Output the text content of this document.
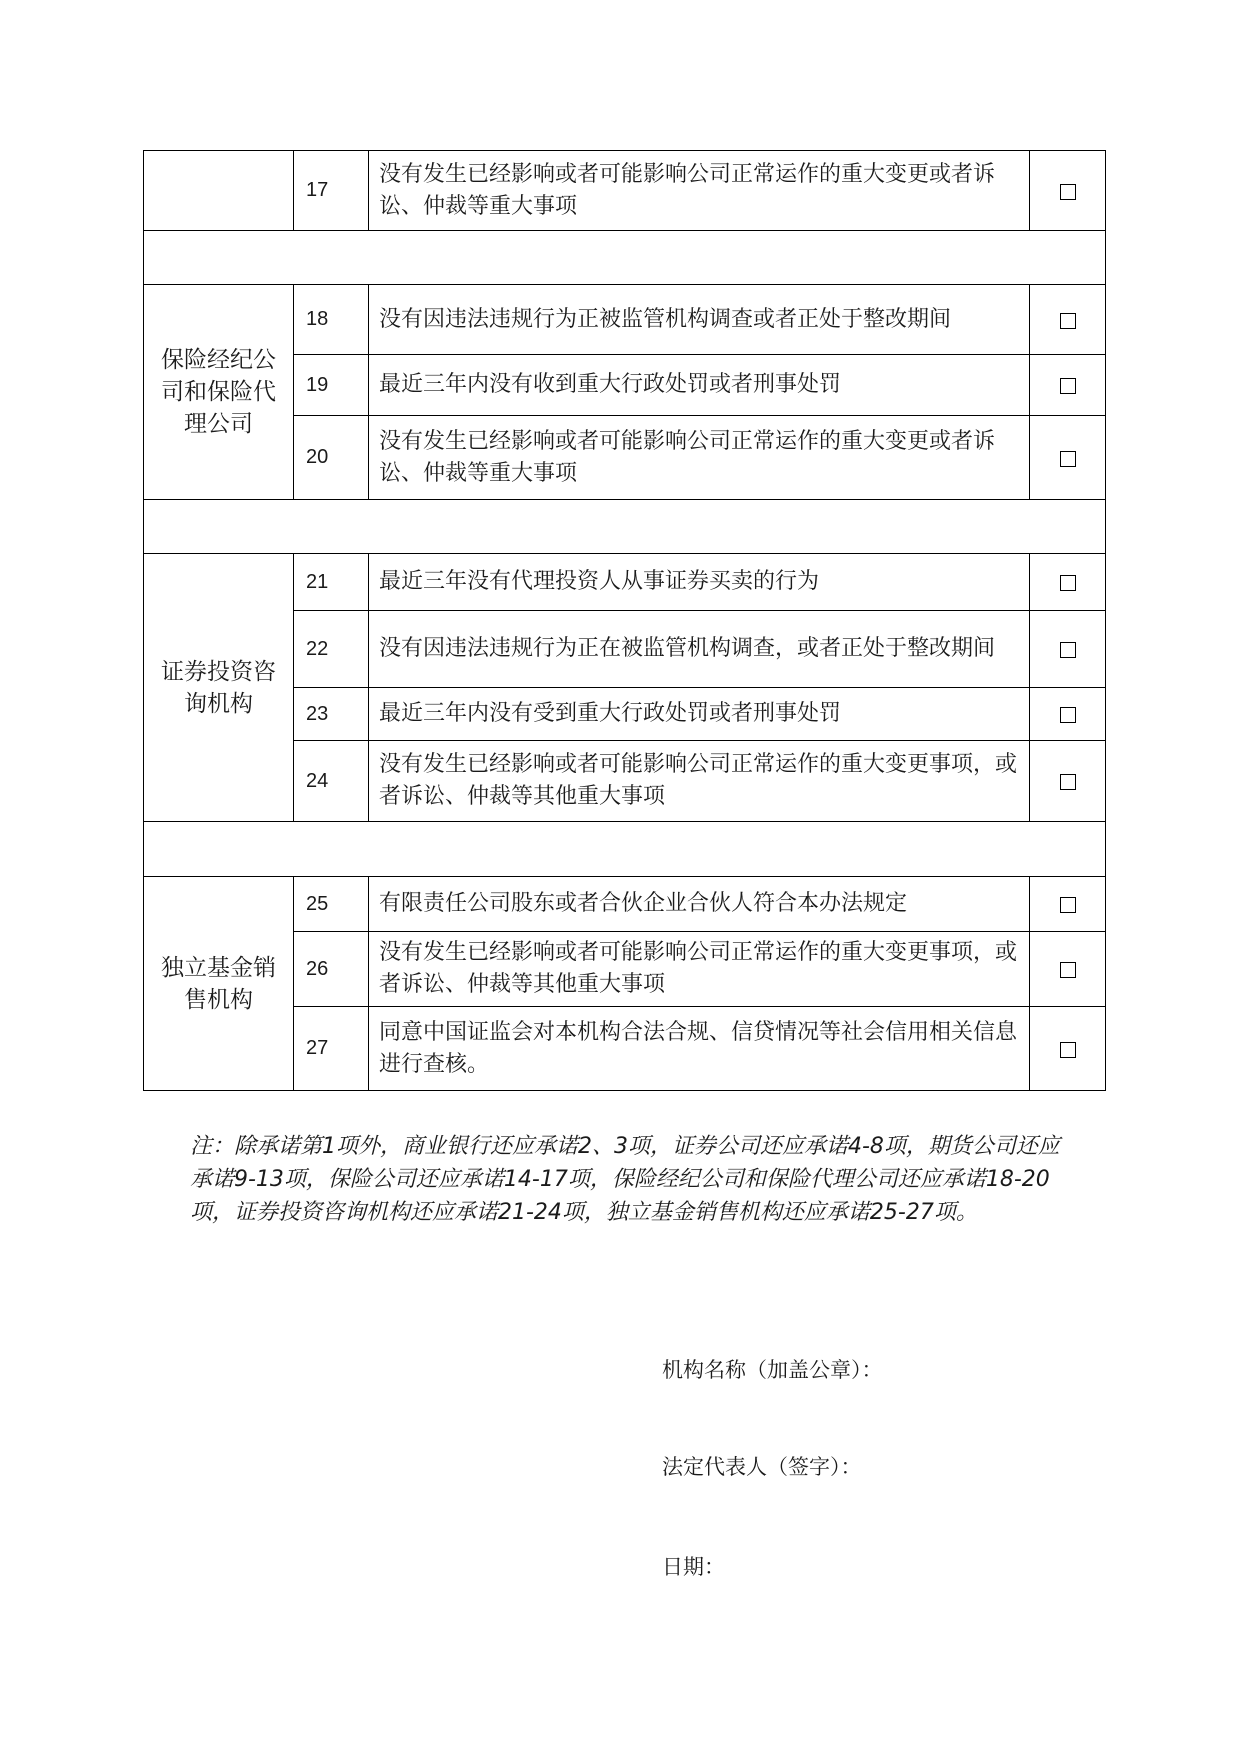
	17	没有发生已经影响或者可能影响公司正常运作的重大变更或者诉讼、仲裁等重大事项	

保险经纪公司和保险代理公司	18	没有因违法违规行为正被监管机构调查或者正处于整改期间	
	19	最近三年内没有收到重大行政处罚或者刑事处罚	
	20	没有发生已经影响或者可能影响公司正常运作的重大变更或者诉讼、仲裁等重大事项	

证券投资咨询机构	21	最近三年没有代理投资人从事证券买卖的行为	
	22	没有因违法违规行为正在被监管机构调查，或者正处于整改期间	
	23	最近三年内没有受到重大行政处罚或者刑事处罚	
	24	没有发生已经影响或者可能影响公司正常运作的重大变更事项，或者诉讼、仲裁等其他重大事项	

独立基金销售机构	25	有限责任公司股东或者合伙企业合伙人符合本办法规定	
	26	没有发生已经影响或者可能影响公司正常运作的重大变更事项，或者诉讼、仲裁等其他重大事项	
	27	同意中国证监会对本机构合法合规、信贷情况等社会信用相关信息进行查核。	

注：除承诺第1项外，商业银行还应承诺2、3项，证券公司还应承诺4-8项，期货公司还应承诺9-13项，保险公司还应承诺14-17项，保险经纪公司和保险代理公司还应承诺18-20项，证券投资咨询机构还应承诺21-24项，独立基金销售机构还应承诺25-27项。

机构名称（加盖公章）：

法定代表人（签字）：

日期：
